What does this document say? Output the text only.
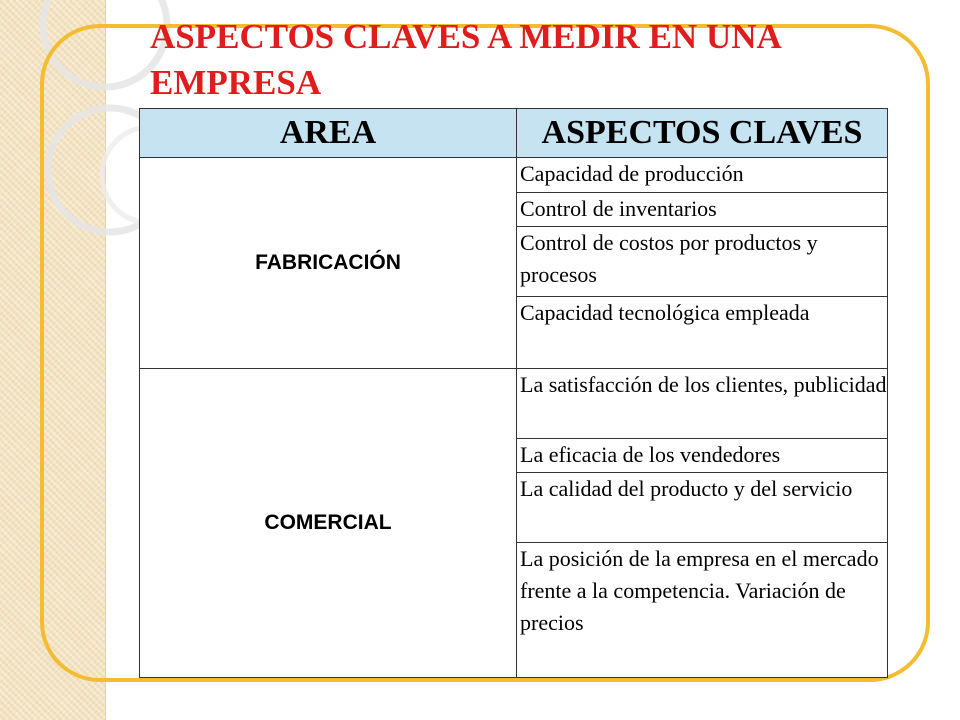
ASPECTOS CLAVES A MEDIR EN UNA EMPRESA
AREA	ASPECTOS CLAVES
FABRICACIÓN	Capacidad de producción
	Control de inventarios
	Control de costos por productos y procesos
	Capacidad tecnológica empleada
COMERCIAL	La satisfacción de los clientes, publicidad
	La eficacia de los vendedores
	La calidad del producto y del servicio
	La posición de la empresa en el mercado frente a la competencia. Variación de precios
